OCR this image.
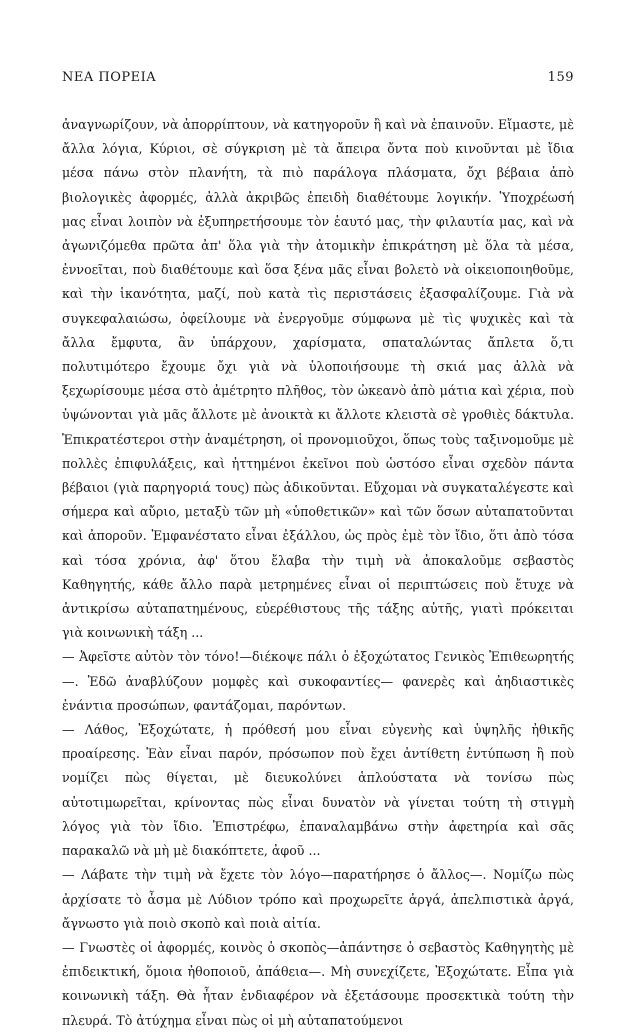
ΝΕΑ ΠΟΡΕΙΑ	159

ἀναγνωρίζουν, νὰ ἀπορρίπτουν, νὰ κατηγοροῦν ἢ καὶ νὰ ἐπαινοῦν. Εἴμαστε, μὲ ἄλλα λόγια, Κύριοι, σὲ σύγκριση μὲ τὰ ἄπειρα ὄντα ποὺ κινοῦνται μὲ ἴδια μέσα πάνω στὸν πλανήτη, τὰ πιὸ παράλογα πλάσματα, ὄχι βέβαια ἀπὸ βιολογικὲς ἀφορμές, ἀλλὰ ἀκριβῶς ἐπειδὴ διαθέτουμε λογικήν. Ὑποχρέωσή μας εἶναι λοιπὸν νὰ ἐξυπηρετήσουμε τὸν ἑαυτό μας, τὴν φιλαυτία μας, καὶ νὰ ἀγωνιζόμεθα πρῶτα ἀπ' ὅλα γιὰ τὴν ἀτομικὴν ἐπικράτηση μὲ ὅλα τὰ μέσα, ἐννοεῖται, ποὺ διαθέτουμε καὶ ὅσα ξένα μᾶς εἶναι βολετὸ νὰ οἰκειοποιηθοῦμε, καὶ τὴν ἱκανότητα, μαζί, ποὺ κατὰ τὶς περιστάσεις ἐξασφαλίζουμε. Γιὰ νὰ συγκεφαλαιώσω, ὀφείλουμε νὰ ἐνεργοῦμε σύμφωνα μὲ τὶς ψυχικὲς καὶ τὰ ἄλλα ἔμφυτα, ἂν ὑπάρχουν, χαρίσματα, σπαταλώντας ἄπλετα ὅ,τι πολυτιμότερο ἔχουμε ὄχι γιὰ νὰ ὑλοποιήσουμε τὴ σκιά μας ἀλλὰ νὰ ξεχωρίσουμε μέσα στὸ ἀμέτρητο πλῆθος, τὸν ὠκεανὸ ἀπὸ μάτια καὶ χέρια, ποὺ ὑψώνονται γιὰ μᾶς ἄλλοτε μὲ ἀνοικτὰ κι ἄλλοτε κλειστὰ σὲ γροθιὲς δάκτυλα. Ἐπικρατέστεροι στὴν ἀναμέτρηση, οἱ προνομιοῦχοι, ὅπως τοὺς ταξινομοῦμε μὲ πολλὲς ἐπιφυλάξεις, καὶ ἡττημένοι ἐκεῖνοι ποὺ ὡστόσο εἶναι σχεδὸν πάντα βέβαιοι (γιὰ παρηγοριά τους) πὼς ἀδικοῦνται. Εὔχομαι νὰ συγκαταλέγεστε καὶ σήμερα καὶ αὔριο, μεταξὺ τῶν μὴ «ὑποθετικῶν» καὶ τῶν ὅσων αὐταπατοῦνται καὶ ἀποροῦν. Ἐμφανέστατο εἶναι ἐξάλλου, ὡς πρὸς ἐμὲ τὸν ἴδιο, ὅτι ἀπὸ τόσα καὶ τόσα χρόνια, ἀφ' ὅτου ἔλαβα τὴν τιμὴ νὰ ἀποκαλοῦμε σεβαστὸς Καθηγητής, κάθε ἄλλο παρὰ μετρημένες εἶναι οἱ περιπτώσεις ποὺ ἔτυχε νὰ ἀντικρίσω αὐταπατημένους, εὐερέθιστους τῆς τάξης αὐτῆς, γιατὶ πρόκειται γιὰ κοινωνικὴ τάξη ...

— Ἀφεῖστε αὐτὸν τὸν τόνο!—διέκοψε πάλι ὁ ἐξοχώτατος Γενικὸς Ἐπιθεωρητής—. Ἐδῶ ἀναβλύζουν μομφὲς καὶ συκοφαντίες— φανερὲς καὶ ἀηδιαστικὲς ἐνάντια προσώπων, φαντάζομαι, παρόντων.

— Λάθος, Ἐξοχώτατε, ἡ πρόθεσή μου εἶναι εὐγενὴς καὶ ὑψηλῆς ἠθικῆς προαίρεσης. Ἐὰν εἶναι παρόν, πρόσωπον ποὺ ἔχει ἀντίθετη ἐντύπωση ἢ ποὺ νομίζει πὼς θίγεται, μὲ διευκολύνει ἁπλούστατα νὰ τονίσω πὼς αὐτοτιμωρεῖται, κρίνοντας πὼς εἶναι δυνατὸν νὰ γίνεται τούτη τὴ στιγμὴ λόγος γιὰ τὸν ἴδιο. Ἐπιστρέφω, ἐπαναλαμβάνω στὴν ἀφετηρία καὶ σᾶς παρακαλῶ νὰ μὴ μὲ διακόπτετε, ἀφοῦ ...

— Λάβατε τὴν τιμὴ νὰ ἔχετε τὸν λόγο—παρατήρησε ὁ ἄλλος—. Νομίζω πὼς ἀρχίσατε τὸ ἆσμα μὲ Λύδιον τρόπο καὶ προχωρεῖτε ἀργά, ἀπελπιστικὰ ἀργά, ἄγνωστο γιὰ ποιὸ σκοπὸ καὶ ποιὰ αἰτία.

— Γνωστὲς οἱ ἀφορμές, κοινὸς ὁ σκοπὸς—ἀπάντησε ὁ σεβαστὸς Καθηγητὴς μὲ ἐπιδεικτική, ὅμοια ἠθοποιοῦ, ἀπάθεια—. Μὴ συνεχίζετε, Ἐξοχώτατε. Εἶπα γιὰ κοινωνικὴ τάξη. Θὰ ἦταν ἐνδιαφέρον νὰ ἐξετάσουμε προσεκτικὰ τούτη τὴν πλευρά. Τὸ ἀτύχημα εἶναι πὼς οἱ μὴ αὐταπατούμενοι
